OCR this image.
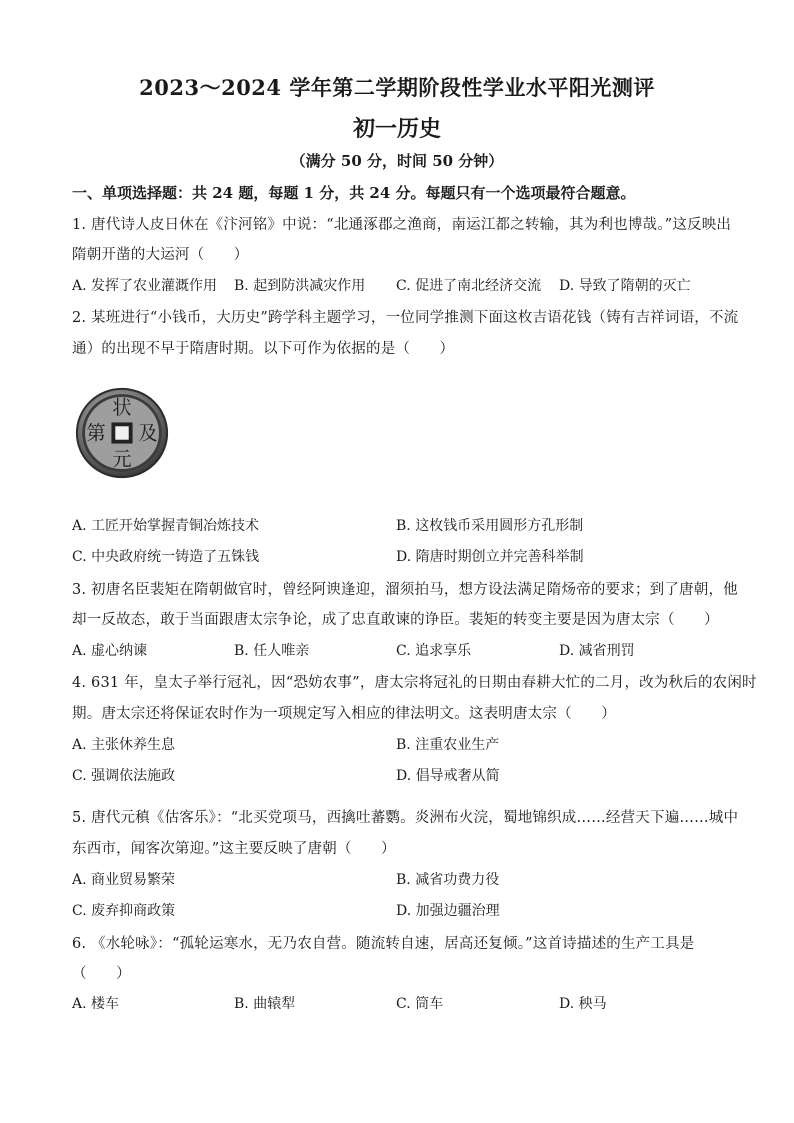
2023～2024 学年第二学期阶段性学业水平阳光测评
初一历史
（满分 50 分，时间 50 分钟）
一、单项选择题：共 24 题，每题 1 分，共 24 分。每题只有一个选项最符合题意。
1. 唐代诗人皮日休在《汴河铭》中说：“北通涿郡之渔商，南运江都之转输，其为利也博哉。”这反映出
隋朝开凿的大运河（　　）
A. 发挥了农业灌溉作用 B. 起到防洪减灾作用 C. 促进了南北经济交流 D. 导致了隋朝的灭亡
2. 某班进行“小钱币，大历史”跨学科主题学习，一位同学推测下面这枚吉语花钱（铸有吉祥词语，不流
通）的出现不早于隋唐时期。以下可作为依据的是（　　）
状
元
及
第
A. 工匠开始掌握青铜冶炼技术	B. 这枚钱币采用圆形方孔形制
C. 中央政府统一铸造了五铢钱	D. 隋唐时期创立并完善科举制
3. 初唐名臣裴矩在隋朝做官时，曾经阿谀逢迎，溜须拍马，想方设法满足隋炀帝的要求；到了唐朝，他
却一反故态，敢于当面跟唐太宗争论，成了忠直敢谏的诤臣。裴矩的转变主要是因为唐太宗（　　）
A. 虚心纳谏	B. 任人唯亲	C. 追求享乐	D. 减省刑罚
4. 631 年，皇太子举行冠礼，因“恐妨农事”，唐太宗将冠礼的日期由春耕大忙的二月，改为秋后的农闲时
期。唐太宗还将保证农时作为一项规定写入相应的律法明文。这表明唐太宗（　　）
A. 主张休养生息	B. 注重农业生产
C. 强调依法施政	D. 倡导戒奢从简
5. 唐代元稹《估客乐》：“北买党项马，西擒吐蕃鹦。炎洲布火浣，蜀地锦织成……经营天下遍……城中
东西市，闻客次第迎。”这主要反映了唐朝（　　）
A. 商业贸易繁荣	B. 减省功费力役
C. 废弃抑商政策	D. 加强边疆治理
6. 《水轮咏》：“孤轮运寒水，无乃农自营。随流转自速，居高还复倾。”这首诗描述的生产工具是
（　　）
A. 楼车	B. 曲辕犁	C. 筒车	D. 秧马
